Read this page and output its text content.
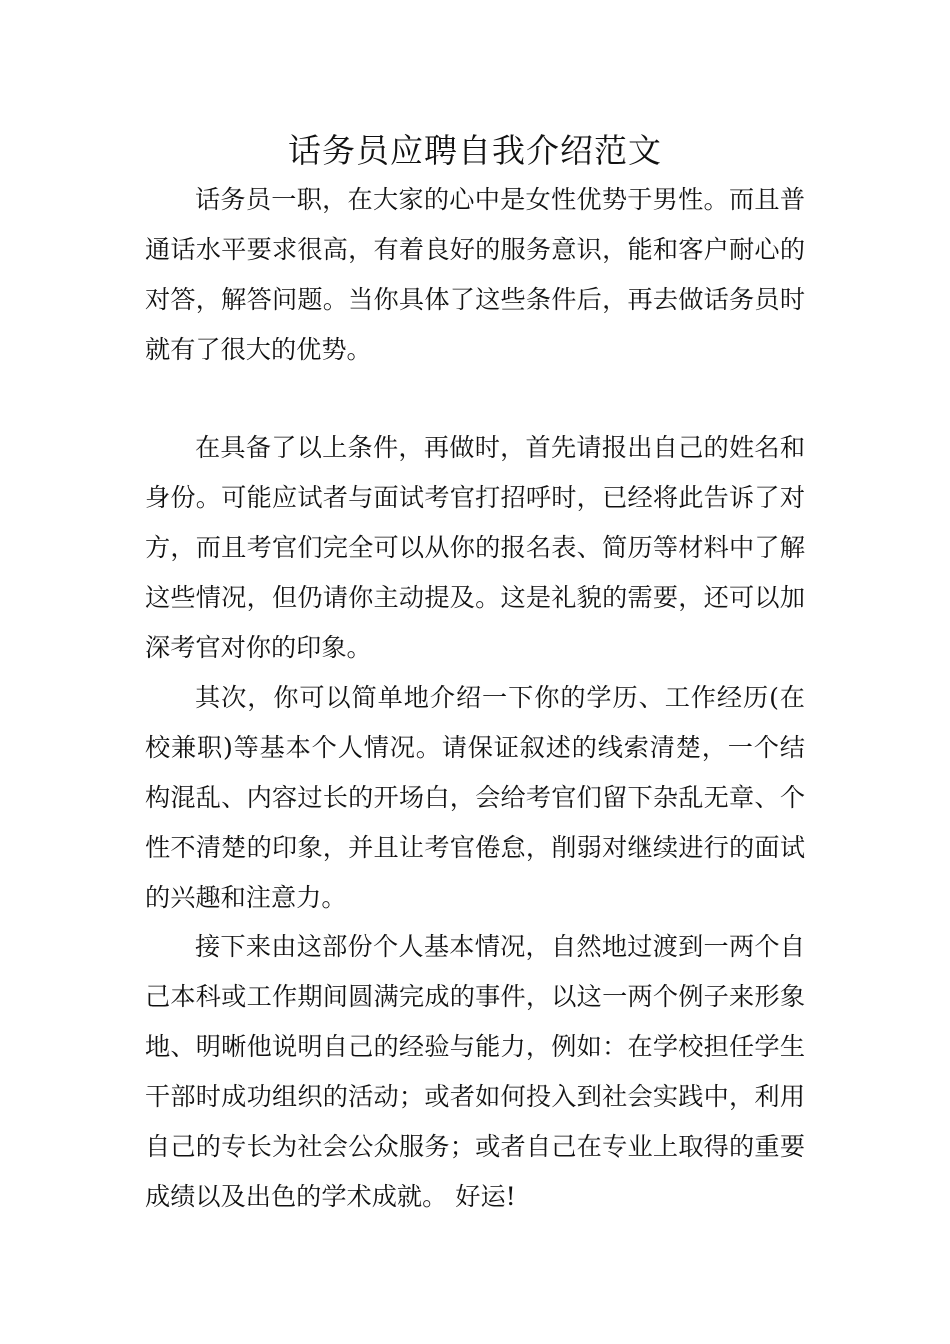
话务员应聘自我介绍范文

话务员一职，在大家的心中是女性优势于男性。而且普通话水平要求很高，有着良好的服务意识，能和客户耐心的对答，解答问题。当你具体了这些条件后，再去做话务员时就有了很大的优势。

在具备了以上条件，再做时，首先请报出自己的姓名和身份。可能应试者与面试考官打招呼时，已经将此告诉了对方，而且考官们完全可以从你的报名表、简历等材料中了解这些情况，但仍请你主动提及。这是礼貌的需要，还可以加深考官对你的印象。

其次，你可以简单地介绍一下你的学历、工作经历(在校兼职)等基本个人情况。请保证叙述的线索清楚，一个结构混乱、内容过长的开场白，会给考官们留下杂乱无章、个性不清楚的印象，并且让考官倦怠，削弱对继续进行的面试的兴趣和注意力。

接下来由这部份个人基本情况，自然地过渡到一两个自己本科或工作期间圆满完成的事件，以这一两个例子来形象地、明晰他说明自己的经验与能力，例如：在学校担任学生干部时成功组织的活动；或者如何投入到社会实践中，利用自己的专长为社会公众服务；或者自己在专业上取得的重要成绩以及出色的学术成就。 好运!
